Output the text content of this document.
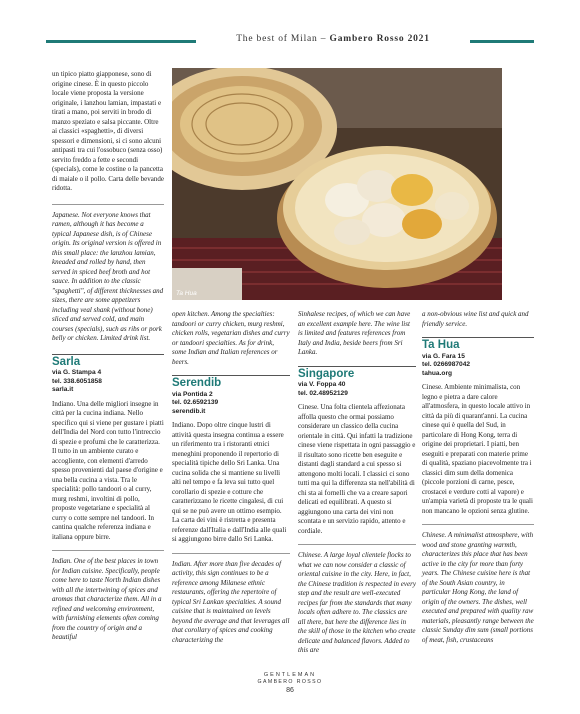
The best of Milan – Gambero Rosso 2021
Ta Hua

un tipico piatto giapponese, sono di origine cinese. È in questo piccolo locale viene proposta la versione originale, i lanzhou lamian, impastati e tirati a mano, poi serviti in brodo di manzo speziato e salsa piccante. Oltre ai classici «spaghetti», di diversi spessori e dimensioni, si ci sono alcuni antipasti tra cui l'ossobuco (senza osso) servito freddo a fette e secondi (specials), come le costine o la pancetta di maiale o il pollo. Carta delle bevande ridotta.

Japanese. Not everyone knows that ramen, although it has become a typical Japanese dish, is of Chinese origin. Its original version is offered in this small place: the lanzhou lamian, kneaded and rolled by hand, then served in spiced beef broth and hot sauce. In addition to the classic "spaghetti", of different thicknesses and sizes, there are some appetizers including veal shank (without bone) sliced and served cold, and main courses (specials), such as ribs or pork belly or chicken. Limited drink list.

Sarla
via G. Stampa 4
tel. 338.6051858
sarla.it

Indiano. Una delle migliori insegne in città per la cucina indiana. Nello specifico qui si viene per gustare i piatti dell'India del Nord con tutto l'intreccio di spezie e profumi che le caratterizza. Il tutto in un ambiente curato e accogliente, con elementi d'arredo spesso provenienti dal paese d'origine e una bella cucina a vista. Tra le specialità: pollo tandoori o al curry, murg reshmi, involtini di pollo, proposte vegetariane e specialità al curry o cotte sempre nel tandoori. In cantina qualche referenza indiana e italiana oppure birre.

Indian. One of the best places in town for Indian cuisine. Specifically, people come here to taste North Indian dishes with all the intertwining of spices and aromas that characterize them. All in a refined and welcoming environment, with furnishing elements often coming from the country of origin and a beautiful

open kitchen. Among the specialties: tandoori or curry chicken, murg reshmi, chicken rolls, vegetarian dishes and curry or tandoori specialties. As for drink, some Indian and Italian references or beers.

Serendib
via Pontida 2
tel. 02.6592139
serendib.it

Indiano. Dopo oltre cinque lustri di attività questa insegna continua a essere un riferimento tra i ristoranti etnici meneghini proponendo il repertorio di specialità tipiche dello Sri Lanka. Una cucina solida che si mantiene su livelli alti nel tempo e fa leva sui tutto quel corollario di spezie e cotture che caratterizzano le ricette cingalesi, di cui qui se ne può avere un ottimo esempio. La carta dei vini è ristretta e presenta referenze dall'Italia e dall'India alle quali si aggiungono birre dallo Sri Lanka.

Indian. After more than five decades of activity, this sign continues to be a reference among Milanese ethnic restaurants, offering the repertoire of typical Sri Lankan specialties. A sound cuisine that is maintained on levels beyond the average and that leverages all that corollary of spices and cooking characterizing the

Sinhalese recipes, of which we can have an excellent example here. The wine list is limited and features references from Italy and India, beside beers from Sri Lanka.

Singapore
via V. Foppa 40
tel. 02.48952129

Cinese. Una folta clientela affezionata affolla questo che ormai possiamo considerare un classico della cucina orientale in città. Qui infatti la tradizione cinese viene rispettata in ogni passaggio e il risultato sono ricette ben eseguite e distanti dagli standard a cui spesso si attengono molti locali. I classici ci sono tutti ma qui la differenza sta nell'abilità di chi sta ai fornelli che va a creare sapori delicati ed equilibrati. A questo si aggiungono una carta dei vini non scontata e un servizio rapido, attento e cordiale.

Chinese. A large loyal clientele flocks to what we can now consider a classic of oriental cuisine in the city. Here, in fact, the Chinese tradition is respected in every step and the result are well-executed recipes far from the standards that many locals often adhere to. The classics are all there, but here the difference lies in the skill of those in the kitchen who create delicate and balanced flavors. Added to this are

a non-obvious wine list and quick and friendly service.

Ta Hua
via G. Fara 15
tel. 0266987042
tahua.org

Cinese. Ambiente minimalista, con legno e pietra a dare calore all'atmosfera, in questo locale attivo in città da più di quarant'anni. La cucina cinese qui è quella del Sud, in particolare di Hong Kong, terra di origine dei proprietari. I piatti, ben eseguiti e preparati con materie prime di qualità, spaziano piacevolmente tra i classici dim sum della domenica (piccole porzioni di carne, pesce, crostacei e verdure cotti al vapore) e un'ampia varietà di proposte tra le quali non mancano le opzioni senza glutine.

Chinese. A minimalist atmosphere, with wood and stone granting warmth, characterizes this place that has been active in the city for more than forty years. The Chinese cuisine here is that of the South Asian country, in particular Hong Kong, the land of origin of the owners. The dishes, well executed and prepared with quality raw materials, pleasantly range between the classic Sunday dim sum (small portions of meat, fish, crustaceans

GENTLEMAN
GAMBERO ROSSO
86
